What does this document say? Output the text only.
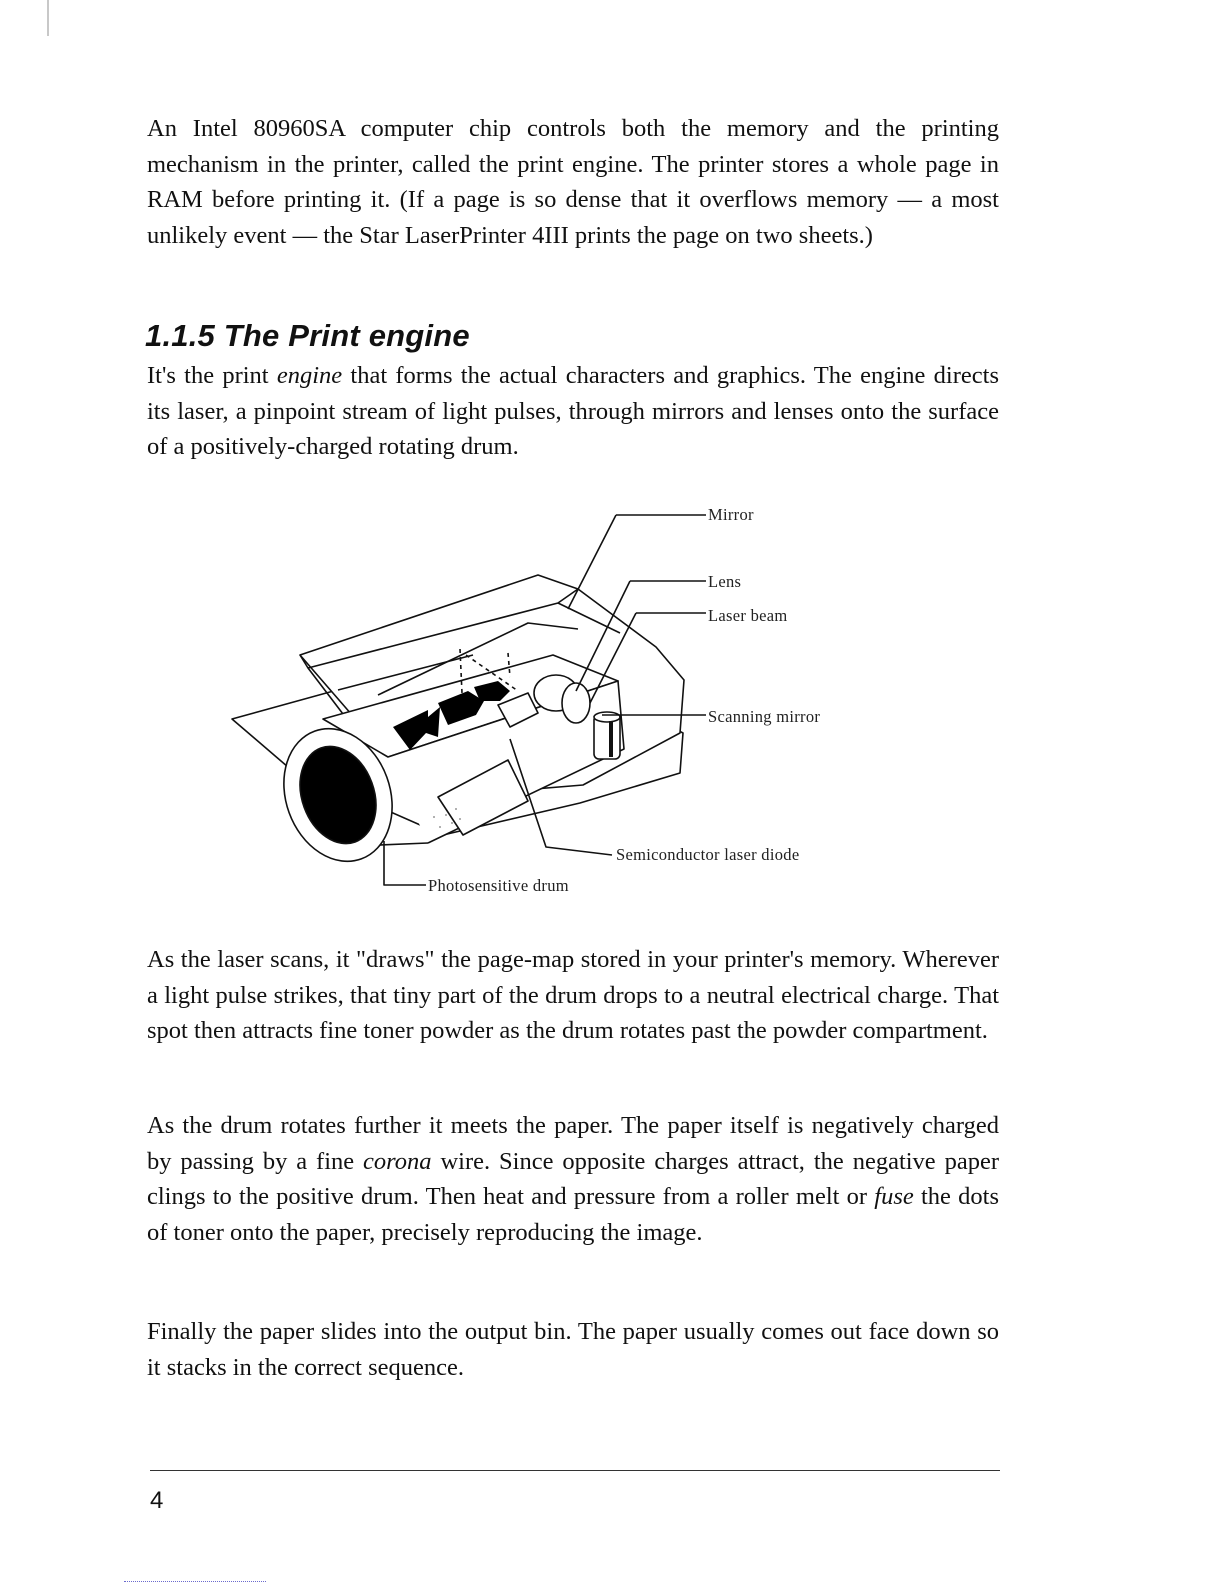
An Intel 80960SA computer chip controls both the memory and the printing mechanism in the printer, called the print engine. The printer stores a whole page in RAM before printing it. (If a page is so dense that it overflows memory — a most unlikely event — the Star LaserPrinter 4III prints the page on two sheets.)

1.1.5 The Print engine

It's the print engine that forms the actual characters and graphics. The engine directs its laser, a pinpoint stream of light pulses, through mirrors and lenses onto the surface of a positively-charged rotating drum.

Mirror
Lens
Laser beam
Scanning mirror
Semiconductor laser diode
Photosensitive drum

As the laser scans, it "draws" the page-map stored in your printer's memory. Wherever a light pulse strikes, that tiny part of the drum drops to a neutral electrical charge. That spot then attracts fine toner powder as the drum rotates past the powder compartment.

As the drum rotates further it meets the paper. The paper itself is negatively charged by passing by a fine corona wire. Since opposite charges attract, the negative paper clings to the positive drum. Then heat and pressure from a roller melt or fuse the dots of toner onto the paper, precisely reproducing the image.

Finally the paper slides into the output bin. The paper usually comes out face down so it stacks in the correct sequence.

4
